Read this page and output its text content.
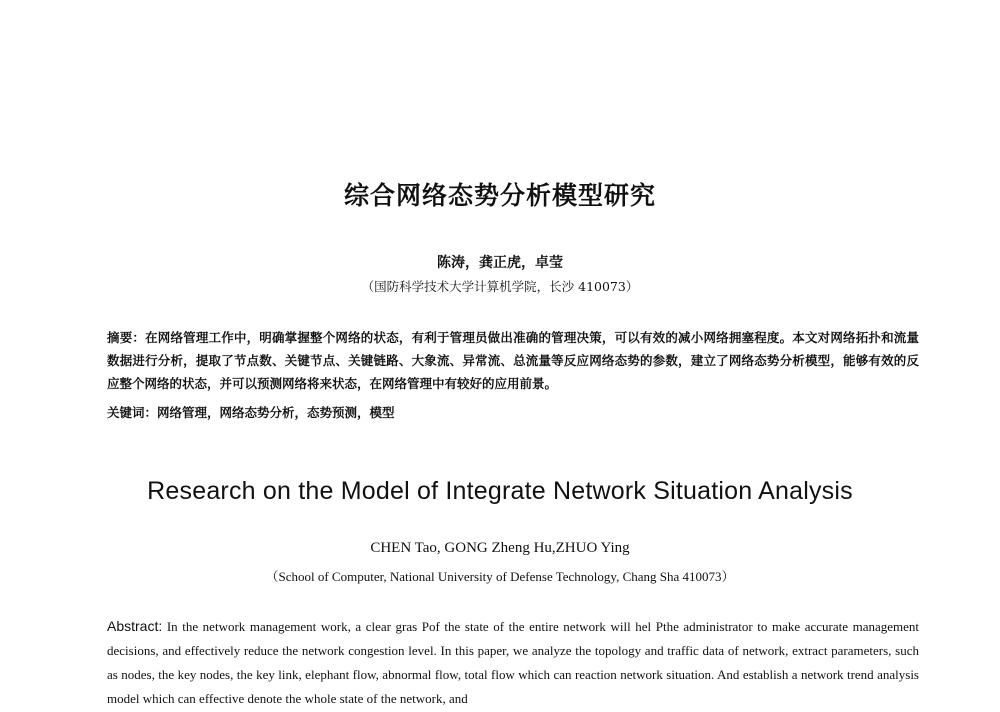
综合网络态势分析模型研究
陈涛，龚正虎，卓莹
（国防科学技术大学计算机学院，长沙 410073）
摘要：在网络管理工作中，明确掌握整个网络的状态，有利于管理员做出准确的管理决策，可以有效的减小网络拥塞程度。本文对网络拓扑和流量数据进行分析，提取了节点数、关键节点、关键链路、大象流、异常流、总流量等反应网络态势的参数，建立了网络态势分析模型，能够有效的反应整个网络的状态，并可以预测网络将来状态，在网络管理中有较好的应用前景。
关键词：网络管理，网络态势分析，态势预测，模型
Research on the Model of Integrate Network Situation Analysis
CHEN Tao, GONG Zheng Hu,ZHUO Ying
（School of Computer, National University of Defense Technology, Chang Sha 410073）
Abstract: In the network management work, a clear gras Pof the state of the entire network will hel Pthe administrator to make accurate management decisions, and effectively reduce the network congestion level. In this paper, we analyze the topology and traffic data of network, extract parameters, such as nodes, the key nodes, the key link, elephant flow, abnormal flow, total flow which can reaction network situation. And establish a network trend analysis model which can effective denote the whole state of the network, and
